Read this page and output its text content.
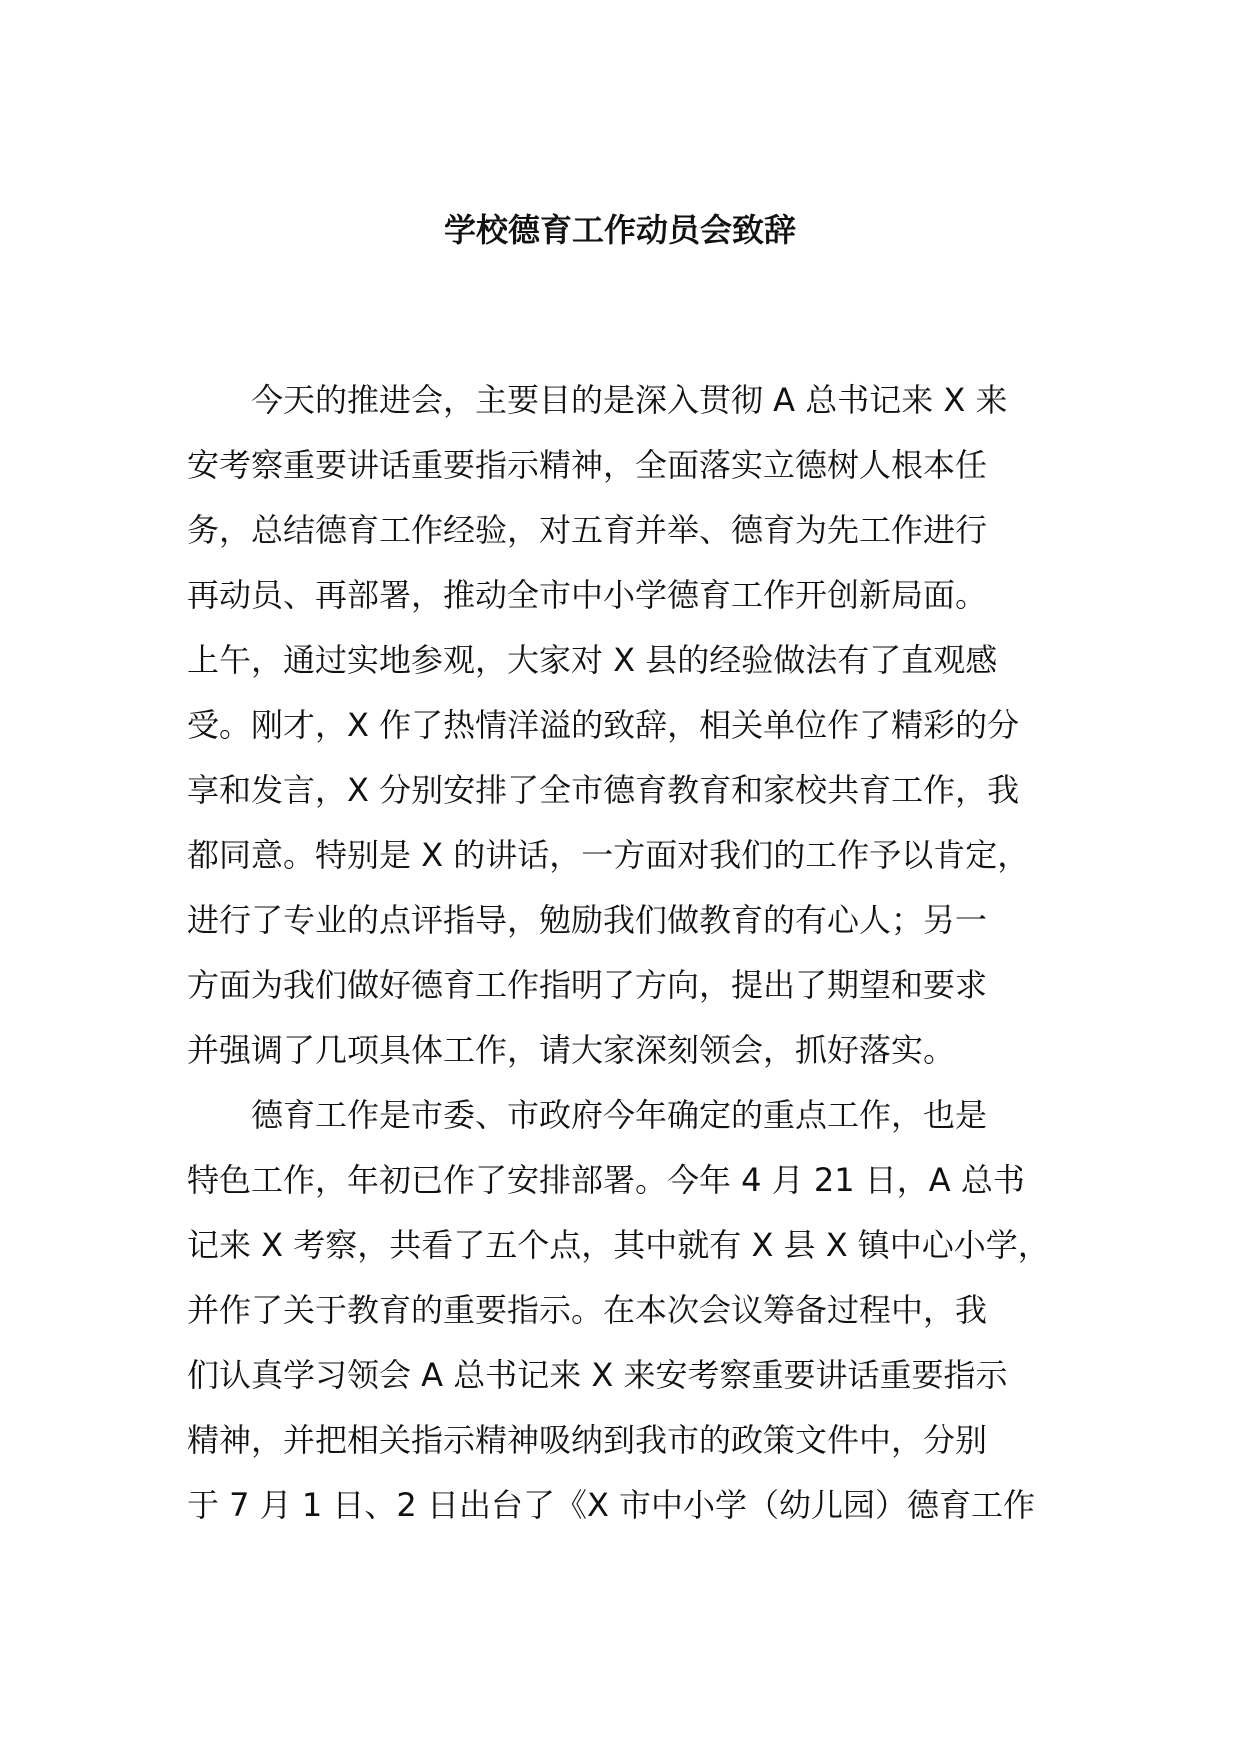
学校德育工作动员会致辞

今天的推进会，主要目的是深入贯彻 A 总书记来 X 来
安考察重要讲话重要指示精神，全面落实立德树人根本任
务，总结德育工作经验，对五育并举、德育为先工作进行
再动员、再部署，推动全市中小学德育工作开创新局面。
上午，通过实地参观，大家对 X 县的经验做法有了直观感
受。刚才，X 作了热情洋溢的致辞，相关单位作了精彩的分
享和发言，X 分别安排了全市德育教育和家校共育工作，我
都同意。特别是 X 的讲话，一方面对我们的工作予以肯定，
进行了专业的点评指导，勉励我们做教育的有心人；另一
方面为我们做好德育工作指明了方向，提出了期望和要求
并强调了几项具体工作，请大家深刻领会，抓好落实。

德育工作是市委、市政府今年确定的重点工作，也是
特色工作，年初已作了安排部署。今年 4 月 21 日，A 总书
记来 X 考察，共看了五个点，其中就有 X 县 X 镇中心小学，
并作了关于教育的重要指示。在本次会议筹备过程中，我
们认真学习领会 A 总书记来 X 来安考察重要讲话重要指示
精神，并把相关指示精神吸纳到我市的政策文件中，分别
于 7 月 1 日、2 日出台了《X 市中小学（幼儿园）德育工作
